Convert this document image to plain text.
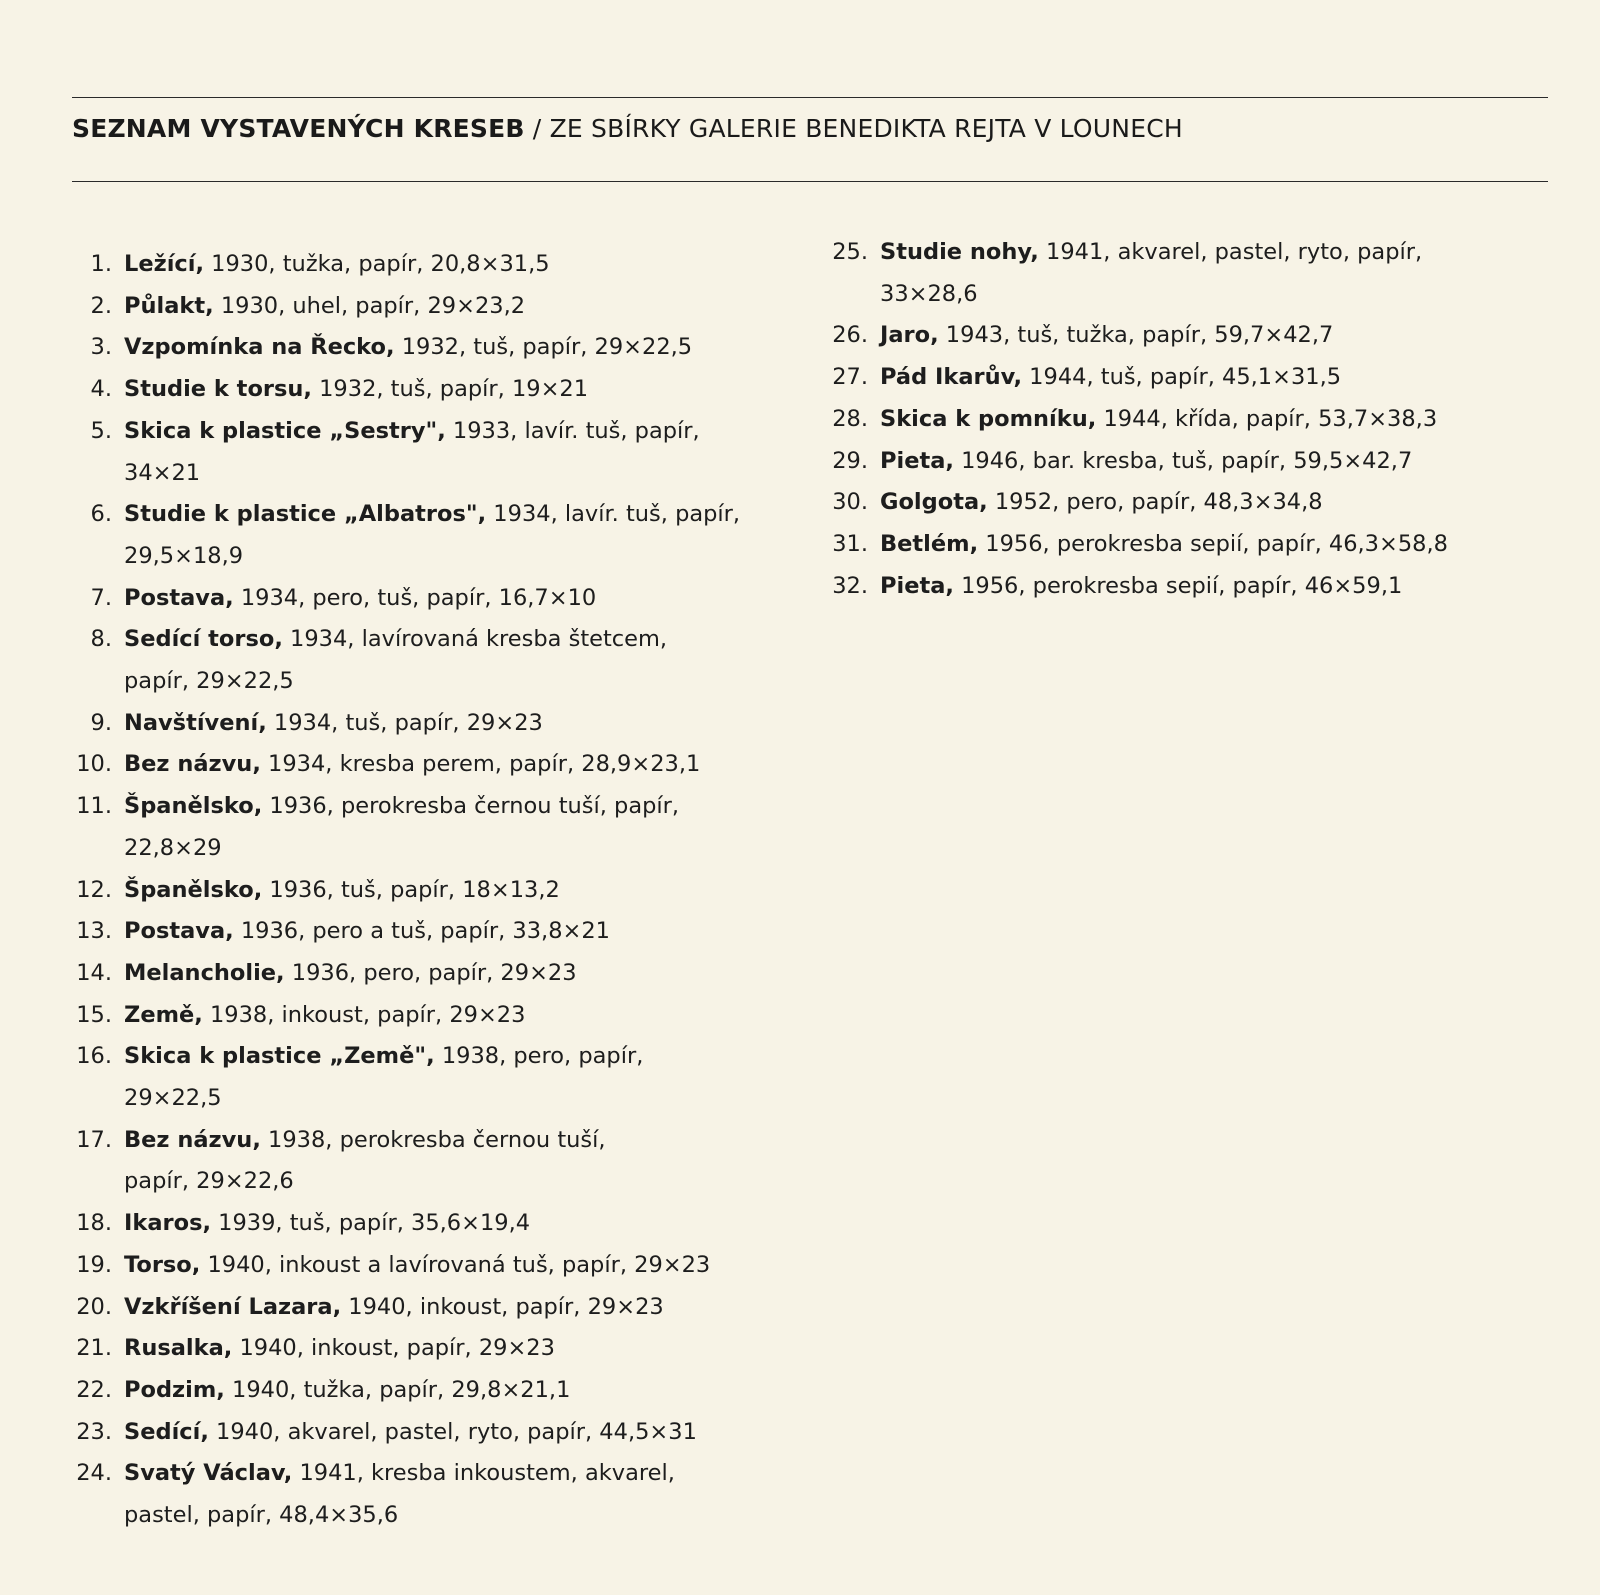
SEZNAM VYSTAVENÝCH KRESEB / ZE SBÍRKY GALERIE BENEDIKTA REJTA V LOUNECH
1. Ležící, 1930, tužka, papír, 20,8×31,5
2. Půlakt, 1930, uhel, papír, 29×23,2
3. Vzpomínka na Řecko, 1932, tuš, papír, 29×22,5
4. Studie k torsu, 1932, tuš, papír, 19×21
5. Skica k plastice „Sestry", 1933, lavír. tuš, papír,
34×21
6. Studie k plastice „Albatros", 1934, lavír. tuš, papír,
29,5×18,9
7. Postava, 1934, pero, tuš, papír, 16,7×10
8. Sedící torso, 1934, lavírovaná kresba štetcem,
papír, 29×22,5
9. Navštívení, 1934, tuš, papír, 29×23
10. Bez názvu, 1934, kresba perem, papír, 28,9×23,1
11. Španělsko, 1936, perokresba černou tuší, papír,
22,8×29
12. Španělsko, 1936, tuš, papír, 18×13,2
13. Postava, 1936, pero a tuš, papír, 33,8×21
14. Melancholie, 1936, pero, papír, 29×23
15. Země, 1938, inkoust, papír, 29×23
16. Skica k plastice „Země", 1938, pero, papír,
29×22,5
17. Bez názvu, 1938, perokresba černou tuší,
papír, 29×22,6
18. Ikaros, 1939, tuš, papír, 35,6×19,4
19. Torso, 1940, inkoust a lavírovaná tuš, papír, 29×23
20. Vzkříšení Lazara, 1940, inkoust, papír, 29×23
21. Rusalka, 1940, inkoust, papír, 29×23
22. Podzim, 1940, tužka, papír, 29,8×21,1
23. Sedící, 1940, akvarel, pastel, ryto, papír, 44,5×31
24. Svatý Václav, 1941, kresba inkoustem, akvarel,
pastel, papír, 48,4×35,6
25. Studie nohy, 1941, akvarel, pastel, ryto, papír,
33×28,6
26. Jaro, 1943, tuš, tužka, papír, 59,7×42,7
27. Pád Ikarův, 1944, tuš, papír, 45,1×31,5
28. Skica k pomníku, 1944, křída, papír, 53,7×38,3
29. Pieta, 1946, bar. kresba, tuš, papír, 59,5×42,7
30. Golgota, 1952, pero, papír, 48,3×34,8
31. Betlém, 1956, perokresba sepií, papír, 46,3×58,8
32. Pieta, 1956, perokresba sepií, papír, 46×59,1
